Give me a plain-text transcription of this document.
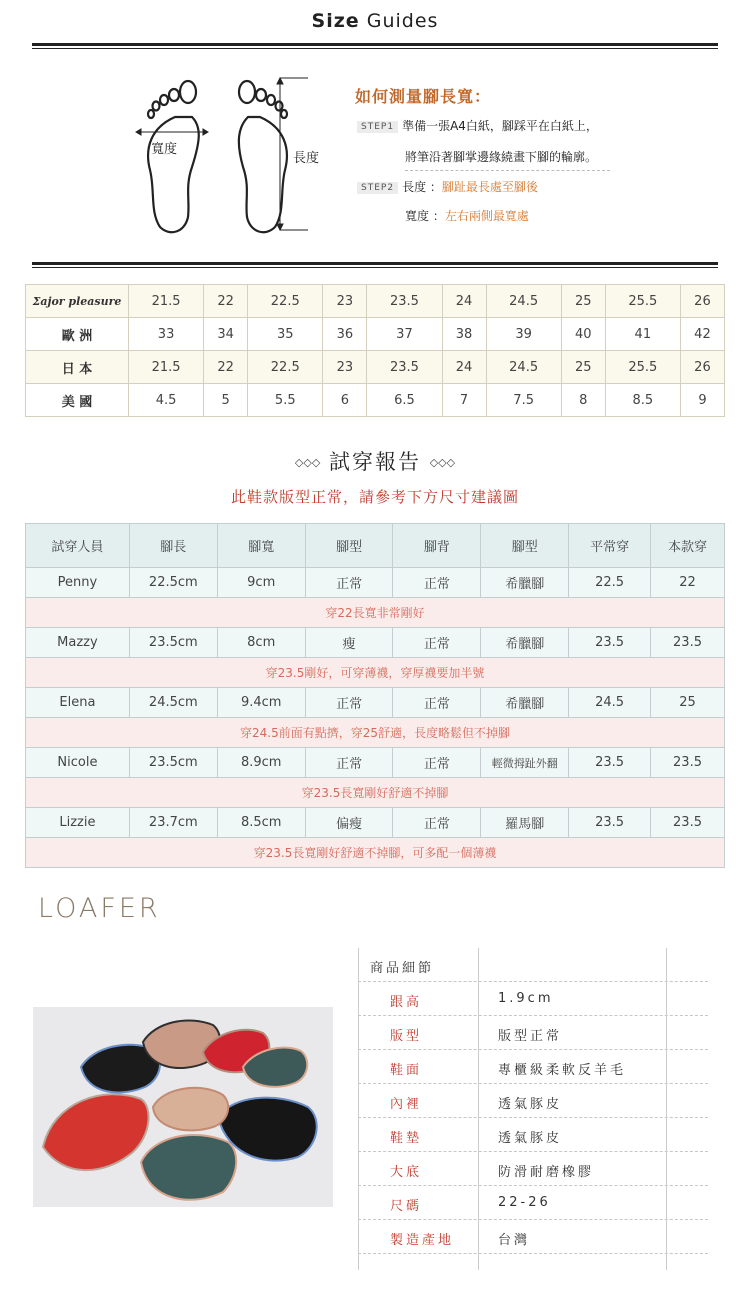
Size Guides
寬度
長度
如何測量腳長寬：
STEP1 準備一張A4白紙，腳踩平在白紙上，
將筆沿著腳掌邊緣繞畫下腳的輪廓。
STEP2 長度 ：腳趾最長處至腳後
寬度 ：左右兩側最寬處
Σajor pleasure	21.5	22	22.5	23	23.5	24	24.5	25	25.5	26
歐 洲	33	34	35	36	37	38	39	40	41	42
日 本	21.5	22	22.5	23	23.5	24	24.5	25	25.5	26
美 國	4.5	5	5.5	6	6.5	7	7.5	8	8.5	9
◇◇◇ 試穿報告 ◇◇◇
此鞋款版型正常，請參考下方尺寸建議圖
試穿人員	腳長	腳寬	腳型	腳背	腳型	平常穿	本款穿
Penny	22.5cm	9cm	正常	正常	希臘腳	22.5	22
穿22長寬非常剛好							
Mazzy	23.5cm	8cm	瘦	正常	希臘腳	23.5	23.5
穿23.5剛好，可穿薄襪，穿厚襪要加半號							
Elena	24.5cm	9.4cm	正常	正常	希臘腳	24.5	25
穿24.5前面有點擠，穿25舒適，長度略鬆但不掉腳							
Nicole	23.5cm	8.9cm	正常	正常	輕微拇趾外翻	23.5	23.5
穿23.5長寬剛好舒適不掉腳							
Lizzie	23.7cm	8.5cm	偏瘦	正常	羅馬腳	23.5	23.5
穿23.5長寬剛好舒適不掉腳，可多配一個薄襪							
LOAFER
商品細節
跟高	1.9cm
版型	版型正常
鞋面	專櫃級柔軟反羊毛
內裡	透氣豚皮
鞋墊	透氣豚皮
大底	防滑耐磨橡膠
尺碼	22-26
製造產地	台灣
